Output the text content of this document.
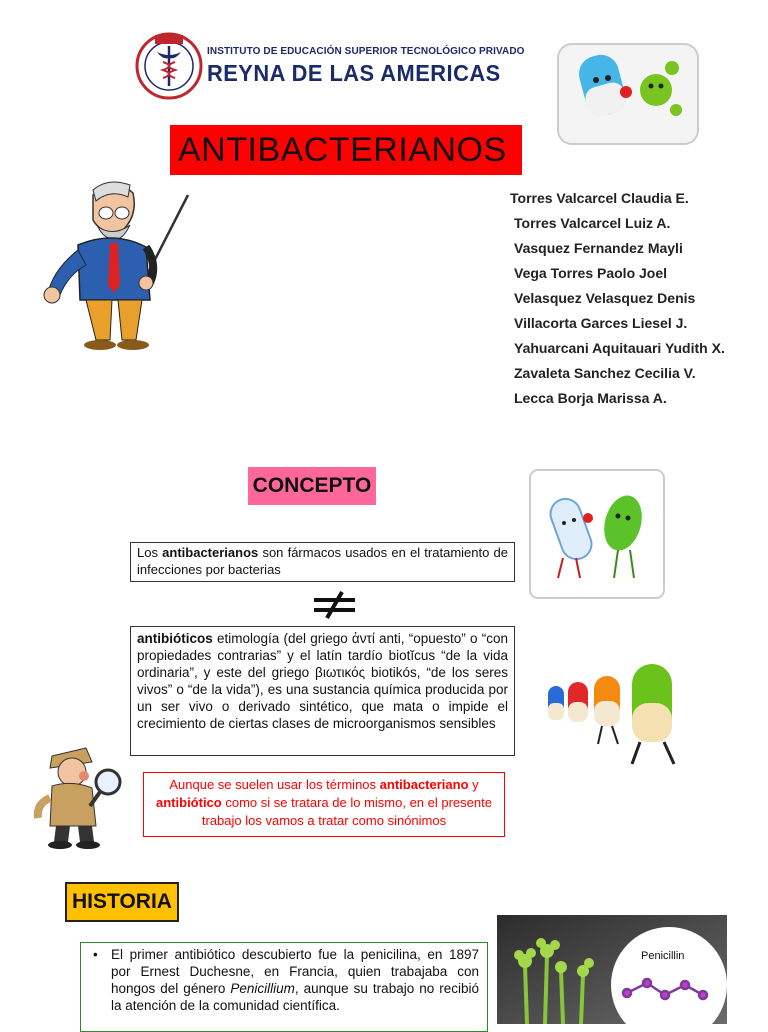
INSTITUTO DE EDUCACIÓN SUPERIOR TECNOLÓGICO PRIVADO
REYNA DE LAS AMERICAS
ANTIBACTERIANOS
Torres Valcarcel Claudia E.
Torres Valcarcel Luiz A.
Vasquez Fernandez Mayli
Vega Torres Paolo Joel
Velasquez Velasquez Denis
Villacorta Garces Liesel J.
Yahuarcani Aquitauari Yudith X.
Zavaleta Sanchez Cecilia V.
Lecca Borja Marissa A.
CONCEPTO
Los antibacterianos son fármacos usados en el tratamiento de infecciones por bacterias
antibióticos etimología (del griego ἀντί anti, “opuesto” o “con propiedades contrarias” y el latín tardío biotĭcus “de la vida ordinaria”, y este del griego βιωτικός biotikós, “de los seres vivos” o “de la vida”), es una sustancia química producida por un ser vivo o derivado sintético, que mata o impide el crecimiento de ciertas clases de microorganismos sensibles
Aunque se suelen usar los términos antibacteriano y antibiótico como si se tratara de lo mismo, en el presente trabajo los vamos a tratar como sinónimos
HISTORIA
• El primer antibiótico descubierto fue la penicilina, en 1897 por Ernest Duchesne, en Francia, quien trabajaba con hongos del género Penicillium, aunque su trabajo no recibió la atención de la comunidad científica.
Penicillin
